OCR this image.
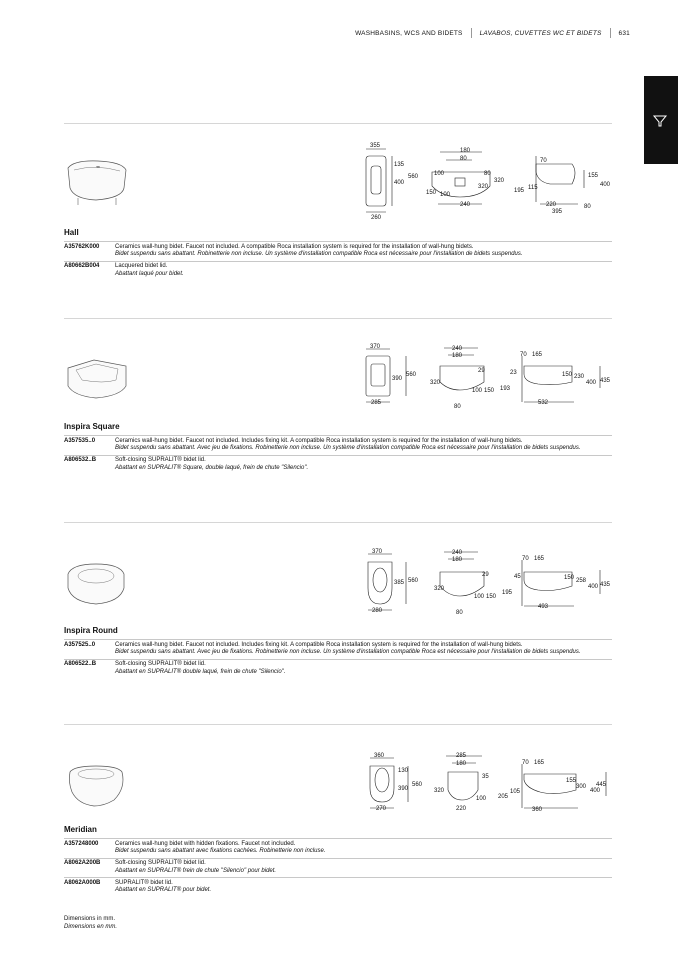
WASHBASINS, WCS AND BIDETS	LAVABOS, CUVETTES WC ET BIDETS	631
355
135
560
400
260
180
80
100	80
150 100
320
320
240
70
155
400
195 115
220
395
80
Hall
A35762K000	Ceramics wall-hung bidet. Faucet not included. A compatible Roca installation system is required for the installation of wall-hung bidets.
Bidet suspendu sans abattant. Robinetterie non incluse. Un système d'installation compatible Roca est nécessaire pour l'installation de bidets suspendus.
A80662B004	Lacquered bidet lid.
Abattant laqué pour bidet.
370
390
560
285
240
180
29
320
100 150
80
70 165
23	150 230
400 435
193
532
Inspira Square
A357535..0	Ceramics wall-hung bidet. Faucet not included. Includes fixing kit. A compatible Roca installation system is required for the installation of wall-hung bidets.
Bidet suspendu sans abattant. Avec jeu de fixations. Robinetterie non incluse. Un système d'installation compatible Roca est nécessaire pour l'installation de bidets suspendus.
A806532..B	Soft-closing SUPRALIT® bidet lid.
Abattant en SUPRALIT® Square, double laqué, frein de chute "Silencio".
370
385 560
280
240
180
29
320
100 150
80
70 165
45	150 258
400 435
195
493
Inspira Round
A357525..0	Ceramics wall-hung bidet. Faucet not included. Includes fixing kit. A compatible Roca installation system is required for the installation of wall-hung bidets.
Bidet suspendu sans abattant. Avec jeu de fixations. Robinetterie non incluse. Un système d'installation compatible Roca est nécessaire pour l'installation de bidets suspendus.
A806522..B	Soft-closing SUPRALIT® bidet lid.
Abattant en SUPRALIT® double laqué, frein de chute "Silencio".
360
130
390
560
270
285
180
35
320
100
220
70 165
155
300
400
445
205
105
360
Meridian
A357248000	Ceramics wall-hung bidet with hidden fixations. Faucet not included.
Bidet suspendu sans abattant avec fixations cachées. Robinetterie non incluse.
A8062A200B	Soft-closing SUPRALIT® bidet lid.
Abattant en SUPRALIT® frein de chute "Silencio" pour bidet.
A8062A000B	SUPRALIT® bidet lid.
Abattant en SUPRALIT® pour bidet.
Dimensions in mm.
Dimensions en mm.
